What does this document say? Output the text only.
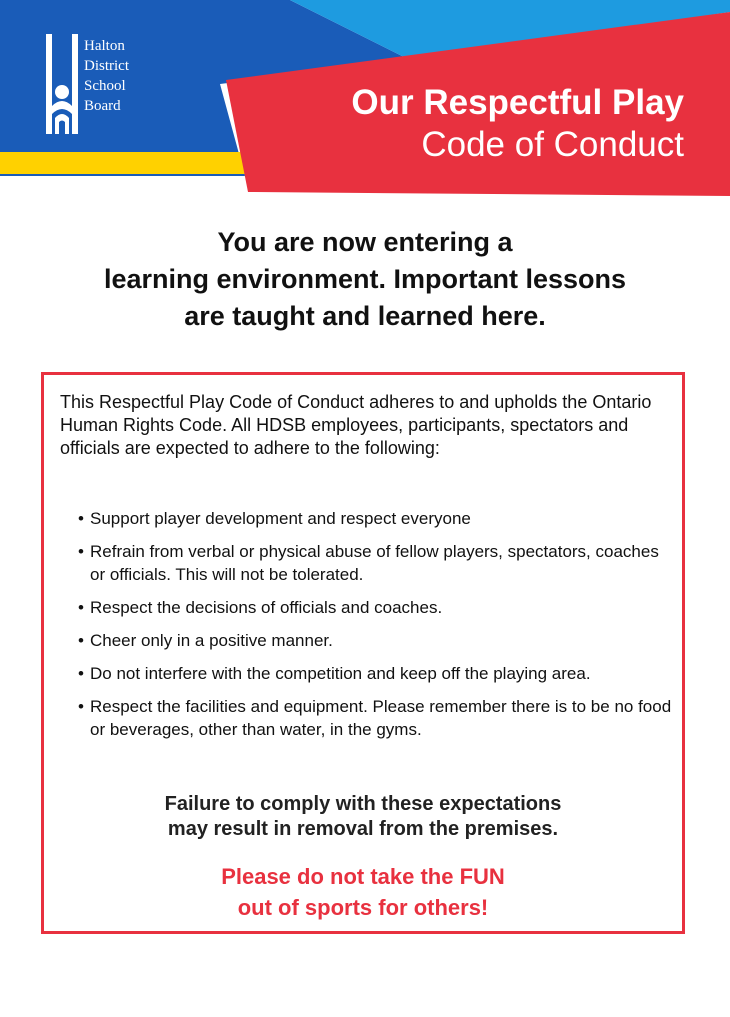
Halton
District
School
Board	Our Respectful Play
Code of Conduct
You are now entering a
learning environment. Important lessons
are taught and learned here.
This Respectful Play Code of Conduct adheres to and upholds the Ontario Human Rights Code. All HDSB employees, participants, spectators and officials are expected to adhere to the following:
• Support player development and respect everyone
• Refrain from verbal or physical abuse of fellow players, spectators, coaches or officials. This will not be tolerated.
• Respect the decisions of officials and coaches.
• Cheer only in a positive manner.
• Do not interfere with the competition and keep off the playing area.
• Respect the facilities and equipment. Please remember there is to be no food or beverages, other than water, in the gyms.
Failure to comply with these expectations
may result in removal from the premises.
Please do not take the FUN
out of sports for others!
